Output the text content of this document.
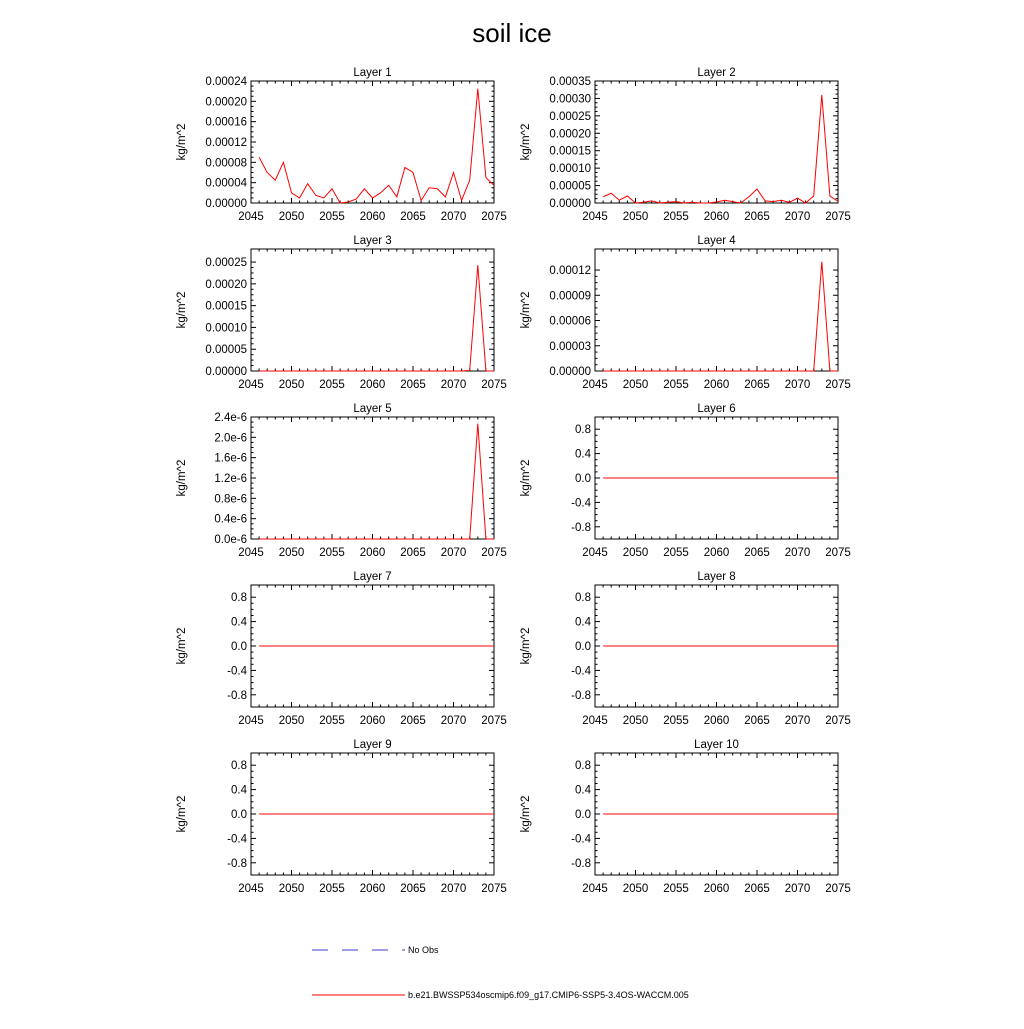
soil ice
Layer 1
kg/m^2
2045 2050 2055 2060 2065 2070 2075
0.00000
0.00004
0.00008
0.00012
0.00016
0.00020
0.00024
Layer 2
kg/m^2
2045 2050 2055 2060 2065 2070 2075
0.00000
0.00005
0.00010
0.00015
0.00020
0.00025
0.00030
0.00035
Layer 3
kg/m^2
2045 2050 2055 2060 2065 2070 2075
0.00000
0.00005
0.00010
0.00015
0.00020
0.00025
Layer 4
kg/m^2
2045 2050 2055 2060 2065 2070 2075
0.00000
0.00003
0.00006
0.00009
0.00012
Layer 5
kg/m^2
2045 2050 2055 2060 2065 2070 2075
0.0e-6
0.4e-6
0.8e-6
1.2e-6
1.6e-6
2.0e-6
2.4e-6
Layer 6
kg/m^2
2045 2050 2055 2060 2065 2070 2075
-0.8
-0.4
0.0
0.4
0.8
Layer 7
kg/m^2
2045 2050 2055 2060 2065 2070 2075
-0.8
-0.4
0.0
0.4
0.8
Layer 8
kg/m^2
2045 2050 2055 2060 2065 2070 2075
-0.8
-0.4
0.0
0.4
0.8
Layer 9
kg/m^2
2045 2050 2055 2060 2065 2070 2075
-0.8
-0.4
0.0
0.4
0.8
Layer 10
kg/m^2
2045 2050 2055 2060 2065 2070 2075
-0.8
-0.4
0.0
0.4
0.8
No Obs
b.e21.BWSSP534oscmip6.f09_g17.CMIP6-SSP5-3.4OS-WACCM.005
